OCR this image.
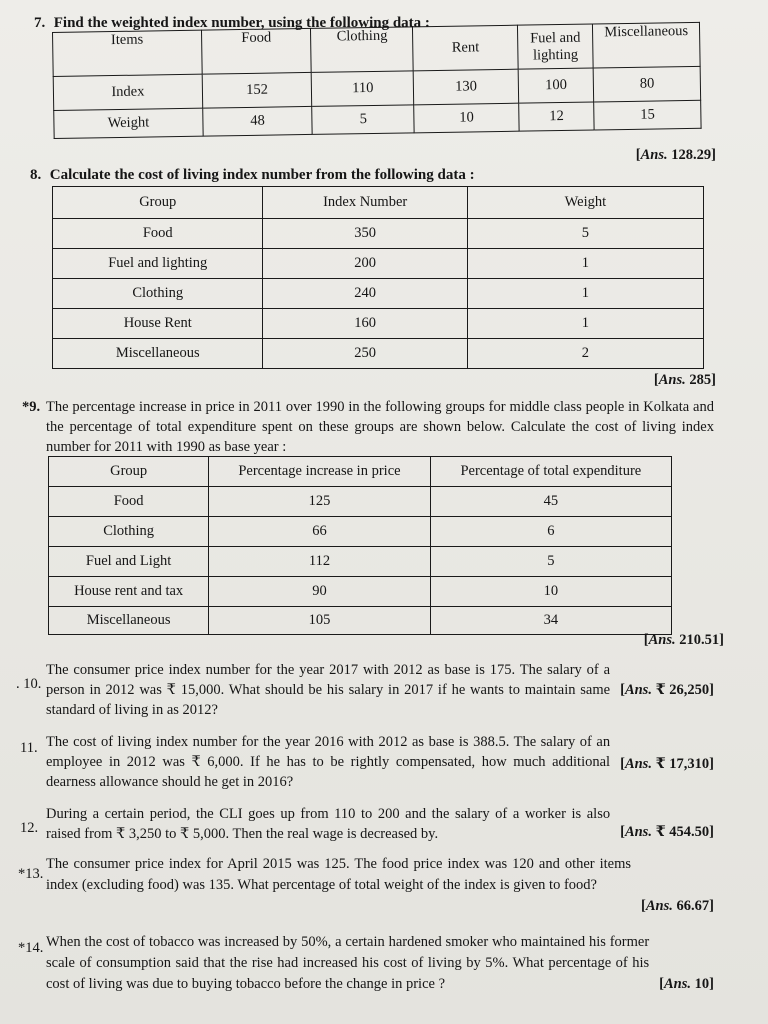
7. Find the weighted index number, using the following data :
Items	Food	Clothing	Rent	Fuel and lighting	Miscellaneous
Index	152	110	130	100	80
Weight	48	5	10	12	15
[Ans. 128.29]
8. Calculate the cost of living index number from the following data :
Group	Index Number	Weight
Food	350	5
Fuel and lighting	200	1
Clothing	240	1
House Rent	160	1
Miscellaneous	250	2
[Ans. 285]
*9. The percentage increase in price in 2011 over 1990 in the following groups for middle class people in Kolkata and the percentage of total expenditure spent on these groups are shown below. Calculate the cost of living index number for 2011 with 1990 as base year :
Group	Percentage increase in price	Percentage of total expenditure
Food	125	45
Clothing	66	6
Fuel and Light	112	5
House rent and tax	90	10
Miscellaneous	105	34
[Ans. 210.51]
. 10.	[Ans. ₹ 26,250]
The consumer price index number for the year 2017 with 2012 as base is 175. The salary of a person in 2012 was ₹ 15,000. What should be his salary in 2017 if he wants to maintain same standard of living in as 2012?
11.
[Ans. ₹ 17,310]
The cost of living index number for the year 2016 with 2012 as base is 388.5. The salary of an employee in 2012 was ₹ 6,000. If he has to be rightly compensated, how much additional dearness allowance should he get in 2016?
12.	[Ans. ₹ 454.50]
During a certain period, the CLI goes up from 110 to 200 and the salary of a worker is also raised from ₹ 3,250 to ₹ 5,000. Then the real wage is decreased by.
*13.
[Ans. 66.67]
The consumer price index for April 2015 was 125. The food price index was 120 and other items index (excluding food) was 135. What percentage of total weight of the index is given to food?
*14.
[Ans. 10]
When the cost of tobacco was increased by 50%, a certain hardened smoker who maintained his former scale of consumption said that the rise had increased his cost of living by 5%. What percentage of his cost of living was due to buying tobacco before the change in price ?
